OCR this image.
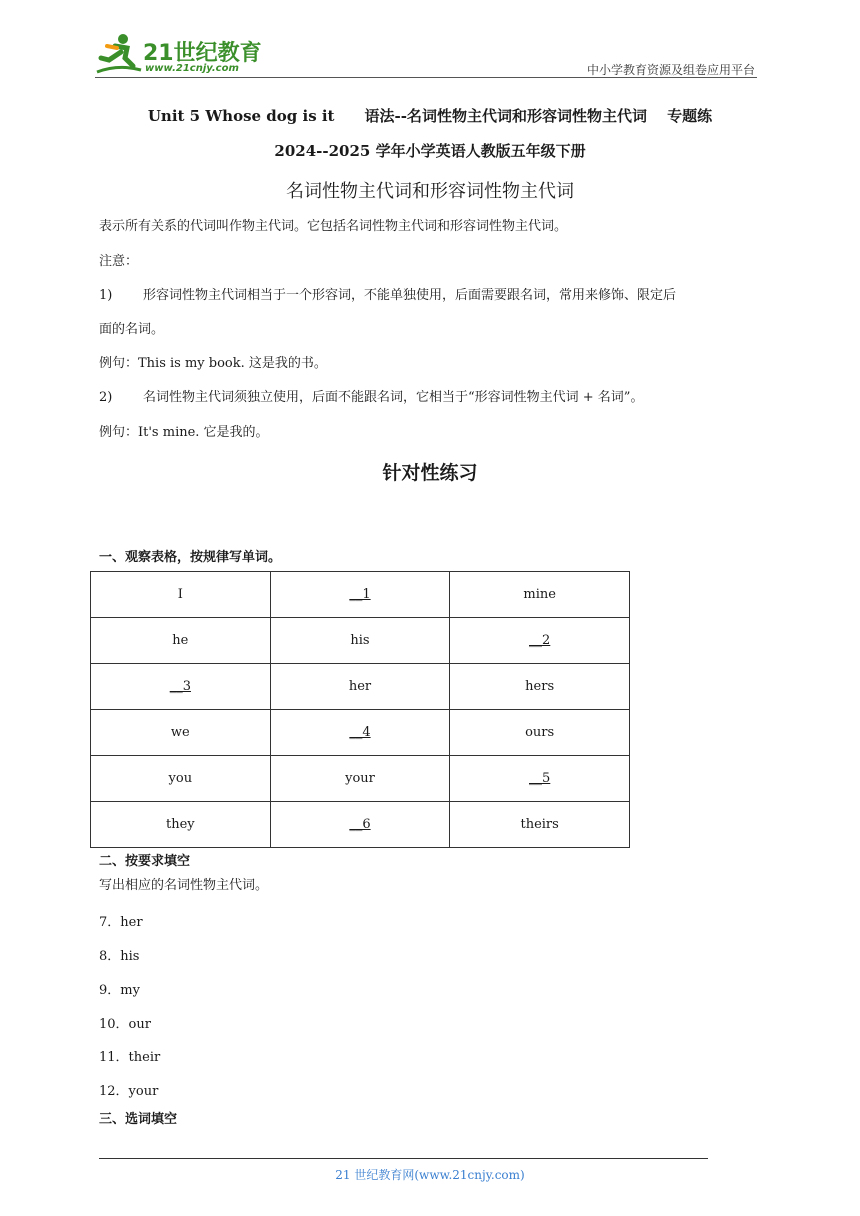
21世纪教育
www.21cnjy.com	中小学教育资源及组卷应用平台
Unit 5 Whose dog is it　　语法--名词性物主代词和形容词性物主代词　 专题练
2024--2025 学年小学英语人教版五年级下册
名词性物主代词和形容词性物主代词
表示所有关系的代词叫作物主代词。它包括名词性物主代词和形容词性物主代词。
注意：
1) 形容词性物主代词相当于一个形容词，不能单独使用，后面需要跟名词，常用来修饰、限定后
面的名词。
例句：This is my book. 这是我的书。
2) 名词性物主代词须独立使用，后面不能跟名词，它相当于“形容词性物主代词 + 名词”。
例句：It's mine. 它是我的。
针对性练习
一、观察表格，按规律写单词。
I	__1	mine
he	his	__2
__3	her	hers
we	__4	ours
you	your	__5
they	__6	theirs
二、按要求填空
写出相应的名词性物主代词。
7．her
8．his
9．my
10．our
11．their
12．your
三、选词填空
21 世纪教育网(www.21cnjy.com)
